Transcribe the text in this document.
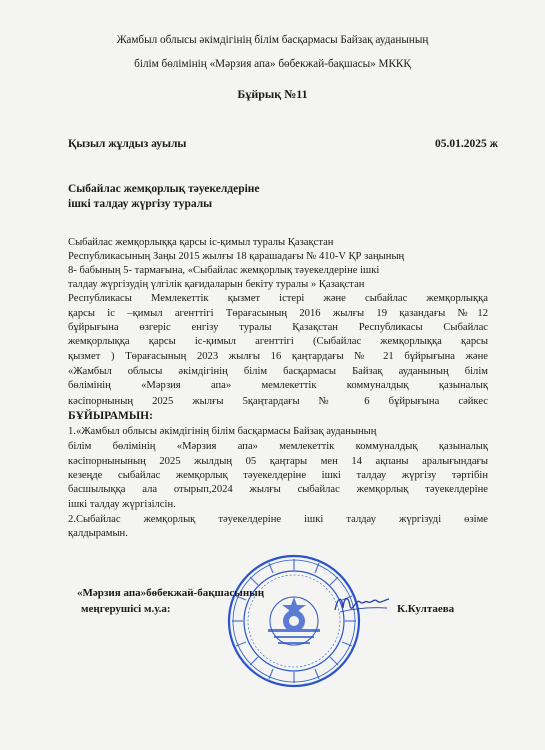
Жамбыл облысы әкімдігінің білім басқармасы Байзақ ауданының
білім бөлімінің «Мәрзия апа» бөбекжай-бақшасы» МККҚ
Бұйрық №11
Қызыл жұлдыз ауылы	05.01.2025 ж
Сыбайлас жемқорлық тәуекелдеріне
ішкі талдау жүргізу туралы
Сыбайлас жемқорлыққа қарсы іс-қимыл туралы Қазақстан
Республикасының Заңы 2015 жылғы 18 қарашадағы № 410-V ҚР заңының
8- бабының 5- тармағына, «Сыбайлас жемқорлық тәуекелдеріне ішкі
талдау жүргізудің үлгілік қағидаларын бекіту туралы » Қазақстан
Республикасы Мемлекеттік қызмет істері және сыбайлас жемқорлыққа
қарсы іс –қимыл агенттігі Төрағасының 2016 жылғы 19 қазандағы №12
бұйрығына өзгеріс енгізу туралы Қазақстан Республикасы Сыбайлас
жемқорлыққа қарсы іс-қимыл агенттігі (Сыбайлас жемқорлыққа қарсы
қызмет ) Төрағасының 2023 жылғы 16 қаңтардағы № 21 бұйрығына және
«Жамбыл облысы әкімдігінің білім басқармасы Байзақ ауданының білім
бөлімінің «Мәрзия апа» мемлекеттік коммуналдық қазыналық
кәсіпорнының 2025 жылғы 5қаңтардағы № 6 бұйрығына сәйкес
БҰЙЫРАМЫН:
1.«Жамбыл облысы әкімдігінің білім басқармасы Байзақ ауданының
білім бөлімінің «Мәрзия апа» мемлекеттік коммуналдық қазыналық
кәсіпорнынының 2025 жылдың 05 қаңтары мен 14 ақпаны аралығындағы
кезеңде сыбайлас жемқорлық тәуекелдеріне ішкі талдау жүргізу тәртібін
басшылыққа ала отырып,2024 жылғы сыбайлас жемқорлық тәуекелдеріне
ішкі талдау жүргізілсін.
2.Сыбайлас жемқорлық тәуекелдеріне ішкі талдау жүргізуді өзіме
қалдырамын.
«Мәрзия апа»бөбекжай-бақшасының
меңгерушісі м.у.а:	К.Култаева
